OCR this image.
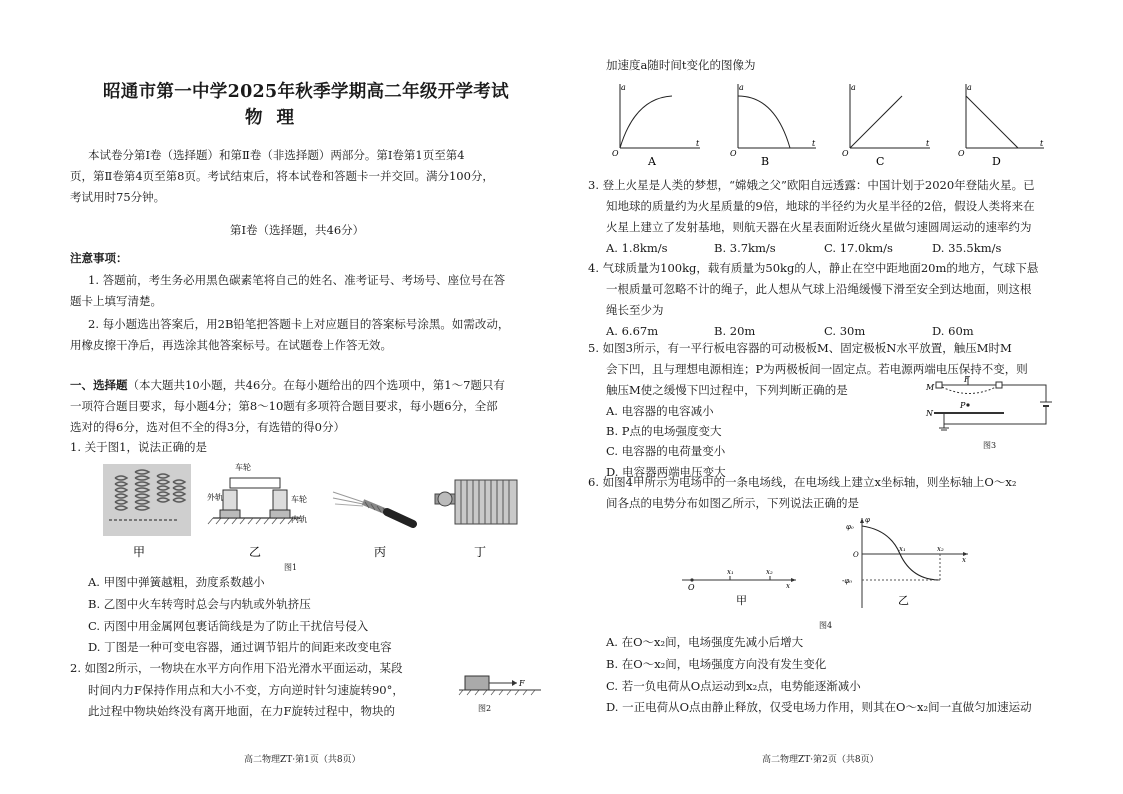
昭通市第一中学2025年秋季学期高二年级开学考试
物理
本试卷分第Ⅰ卷（选择题）和第Ⅱ卷（非选择题）两部分。第Ⅰ卷第1页至第4
页，第Ⅱ卷第4页至第8页。考试结束后，将本试卷和答题卡一并交回。满分100分，
考试用时75分钟。
第Ⅰ卷（选择题，共46分）
注意事项：
1. 答题前，考生务必用黑色碳素笔将自己的姓名、准考证号、考场号、座位号在答
题卡上填写清楚。
2. 每小题选出答案后，用2B铅笔把答题卡上对应题目的答案标号涂黑。如需改动，
用橡皮擦干净后，再选涂其他答案标号。在试题卷上作答无效。
一、选择题（本大题共10小题，共46分。在每小题给出的四个选项中，第1～7题只有
一项符合题目要求，每小题4分；第8～10题有多项符合题目要求，每小题6分，全部
选对的得6分，选对但不全的得3分，有选错的得0分）
1. 关于图1，说法正确的是
甲
车轮
外轨	车轮
内轨
乙	丙	丁
图1
A. 甲图中弹簧越粗，劲度系数越小
B. 乙图中火车转弯时总会与内轨或外轨挤压
C. 丙图中用金属网包裹话筒线是为了防止干扰信号侵入
D. 丁图是一种可变电容器，通过调节铝片的间距来改变电容
2. 如图2所示，一物块在水平方向作用下沿光滑水平面运动，某段
时间内力F保持作用点和大小不变，方向逆时针匀速旋转90°，
此过程中物块始终没有离开地面，在力F旋转过程中，物块的
F
图2
高二物理ZT·第1页（共8页）
加速度a随时间t变化的图像为
a
t
O
A
a
t
O
B
a
t
O
C
a
t
O
D
3. 登上火星是人类的梦想，“嫦娥之父”欧阳自远透露：中国计划于2020年登陆火星。已
知地球的质量约为火星质量的9倍，地球的半径约为火星半径的2倍，假设人类将来在
火星上建立了发射基地，则航天器在火星表面附近绕火星做匀速圆周运动的速率约为
A. 1.8km/s	B. 3.7km/s	C. 17.0km/s	D. 35.5km/s
4. 气球质量为100kg，载有质量为50kg的人，静止在空中距地面20m的地方，气球下悬
一根质量可忽略不计的绳子，此人想从气球上沿绳缓慢下滑至安全到达地面，则这根
绳长至少为
A. 6.67m	B. 20m	C. 30m	D. 60m
5. 如图3所示，有一平行板电容器的可动极板M、固定极板N水平放置，触压M时M
会下凹，且与理想电源相连；P为两极板间一固定点。若电源两端电压保持不变，则
触压M使之缓慢下凹过程中，下列判断正确的是
A. 电容器的电容减小
B. P点的电场强度变大
C. 电容器的电荷量变小
D. 电容器两端电压变大
M
F
N
P
图3
6. 如图4甲所示为电场中的一条电场线，在电场线上建立x坐标轴，则坐标轴上O～x₂
间各点的电势分布如图乙所示，下列说法正确的是
O
x₁	x₂
x
甲
φ
φ₀
O
-φ₀
x₁	x₂
x
乙
图4
A. 在O～x₂间，电场强度先减小后增大
B. 在O～x₂间，电场强度方向没有发生变化
C. 若一负电荷从O点运动到x₂点，电势能逐渐减小
D. 一正电荷从O点由静止释放，仅受电场力作用，则其在O～x₂间一直做匀加速运动
高二物理ZT·第2页（共8页）
